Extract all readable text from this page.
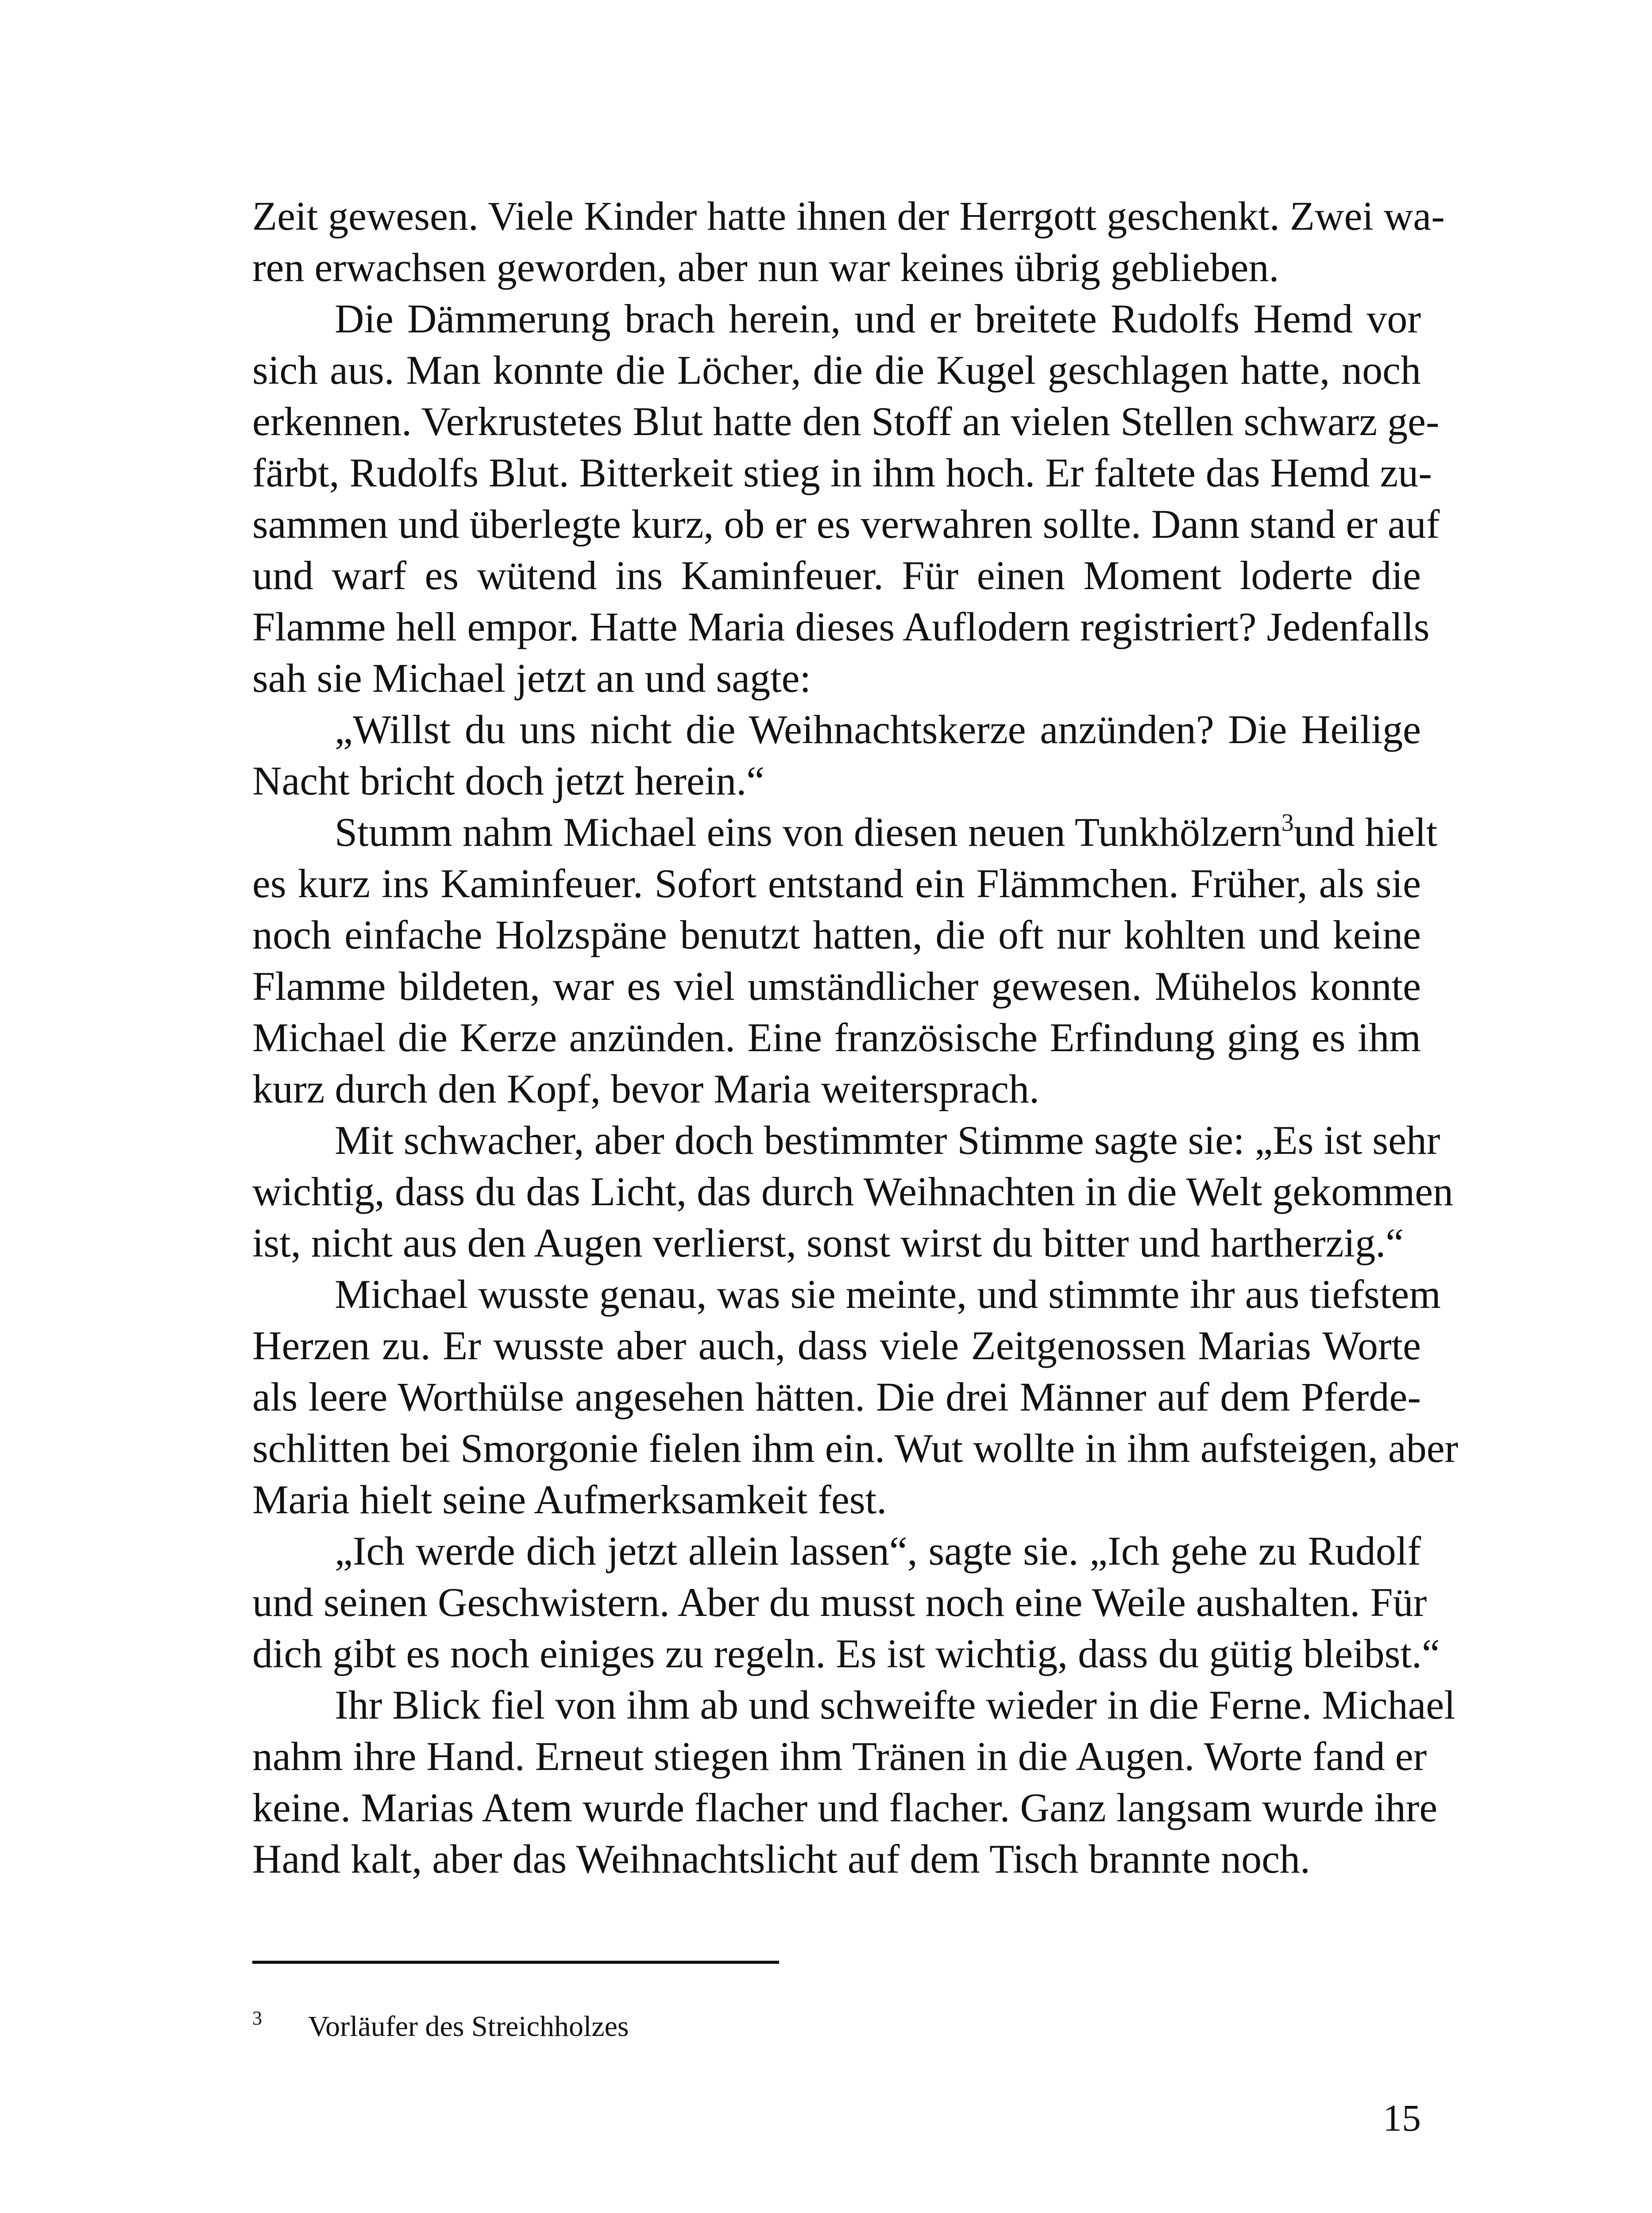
Zeit gewesen. Viele Kinder hatte ihnen der Herrgott geschenkt. Zwei wa-
ren erwachsen geworden, aber nun war keines übrig geblieben.
Die Dämmerung brach herein, und er breitete Rudolfs Hemd vor
sich aus. Man konnte die Löcher, die die Kugel geschlagen hatte, noch
erkennen. Verkrustetes Blut hatte den Stoff an vielen Stellen schwarz ge-
färbt, Rudolfs Blut. Bitterkeit stieg in ihm hoch. Er faltete das Hemd zu-
sammen und überlegte kurz, ob er es verwahren sollte. Dann stand er auf
und warf es wütend ins Kaminfeuer. Für einen Moment loderte die
Flamme hell empor. Hatte Maria dieses Auflodern registriert? Jedenfalls
sah sie Michael jetzt an und sagte:
„Willst du uns nicht die Weihnachtskerze anzünden? Die Heilige
Nacht bricht doch jetzt herein.“
Stumm nahm Michael eins von diesen neuen Tunkhölzern$^3$ und hielt
es kurz ins Kaminfeuer. Sofort entstand ein Flämmchen. Früher, als sie
noch einfache Holzspäne benutzt hatten, die oft nur kohlten und keine
Flamme bildeten, war es viel umständlicher gewesen. Mühelos konnte
Michael die Kerze anzünden. Eine französische Erfindung ging es ihm
kurz durch den Kopf, bevor Maria weitersprach.
Mit schwacher, aber doch bestimmter Stimme sagte sie: „Es ist sehr
wichtig, dass du das Licht, das durch Weihnachten in die Welt gekommen
ist, nicht aus den Augen verlierst, sonst wirst du bitter und hartherzig.“
Michael wusste genau, was sie meinte, und stimmte ihr aus tiefstem
Herzen zu. Er wusste aber auch, dass viele Zeitgenossen Marias Worte
als leere Worthülse angesehen hätten. Die drei Männer auf dem Pferde-
schlitten bei Smorgonie fielen ihm ein. Wut wollte in ihm aufsteigen, aber
Maria hielt seine Aufmerksamkeit fest.
„Ich werde dich jetzt allein lassen“, sagte sie. „Ich gehe zu Rudolf
und seinen Geschwistern. Aber du musst noch eine Weile aushalten. Für
dich gibt es noch einiges zu regeln. Es ist wichtig, dass du gütig bleibst.“
Ihr Blick fiel von ihm ab und schweifte wieder in die Ferne. Michael
nahm ihre Hand. Erneut stiegen ihm Tränen in die Augen. Worte fand er
keine. Marias Atem wurde flacher und flacher. Ganz langsam wurde ihre
Hand kalt, aber das Weihnachtslicht auf dem Tisch brannte noch.
3 Vorläufer des Streichholzes
15
